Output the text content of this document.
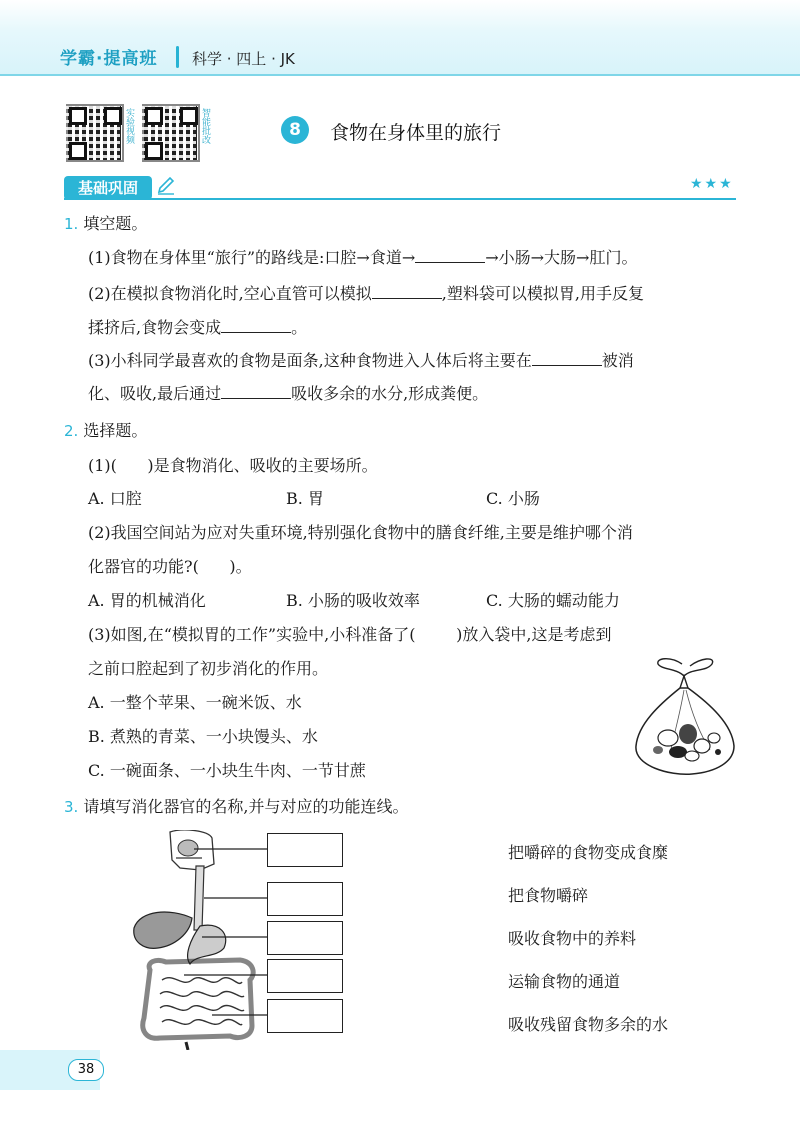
学霸·提高班 科学 · 四上 · JK
实验视频	智能批改	8	食物在身体里的旅行
基础巩固	★★★
1. 填空题。
(1)食物在身体里“旅行”的路线是:口腔→食道→	→小肠→大肠→肛门。
(2)在模拟食物消化时,空心直管可以模拟	,塑料袋可以模拟胃,用手反复
揉挤后,食物会变成	。
(3)小科同学最喜欢的食物是面条,这种食物进入人体后将主要在	被消
化、吸收,最后通过	吸收多余的水分,形成粪便。
2. 选择题。
(1)(      )是食物消化、吸收的主要场所。
A. 口腔	B. 胃	C. 小肠
(2)我国空间站为应对失重环境,特别强化食物中的膳食纤维,主要是维护哪个消
化器官的功能?(      )。
A. 胃的机械消化	B. 小肠的吸收效率	C. 大肠的蠕动能力
(3)如图,在“模拟胃的工作”实验中,小科准备了(        )放入袋中,这是考虑到
之前口腔起到了初步消化的作用。
A. 一整个苹果、一碗米饭、水
B. 煮熟的青菜、一小块馒头、水
C. 一碗面条、一小块生牛肉、一节甘蔗
3. 请填写消化器官的名称,并与对应的功能连线。
把嚼碎的食物变成食糜
把食物嚼碎
吸收食物中的养料
运输食物的通道
吸收残留食物多余的水
38
